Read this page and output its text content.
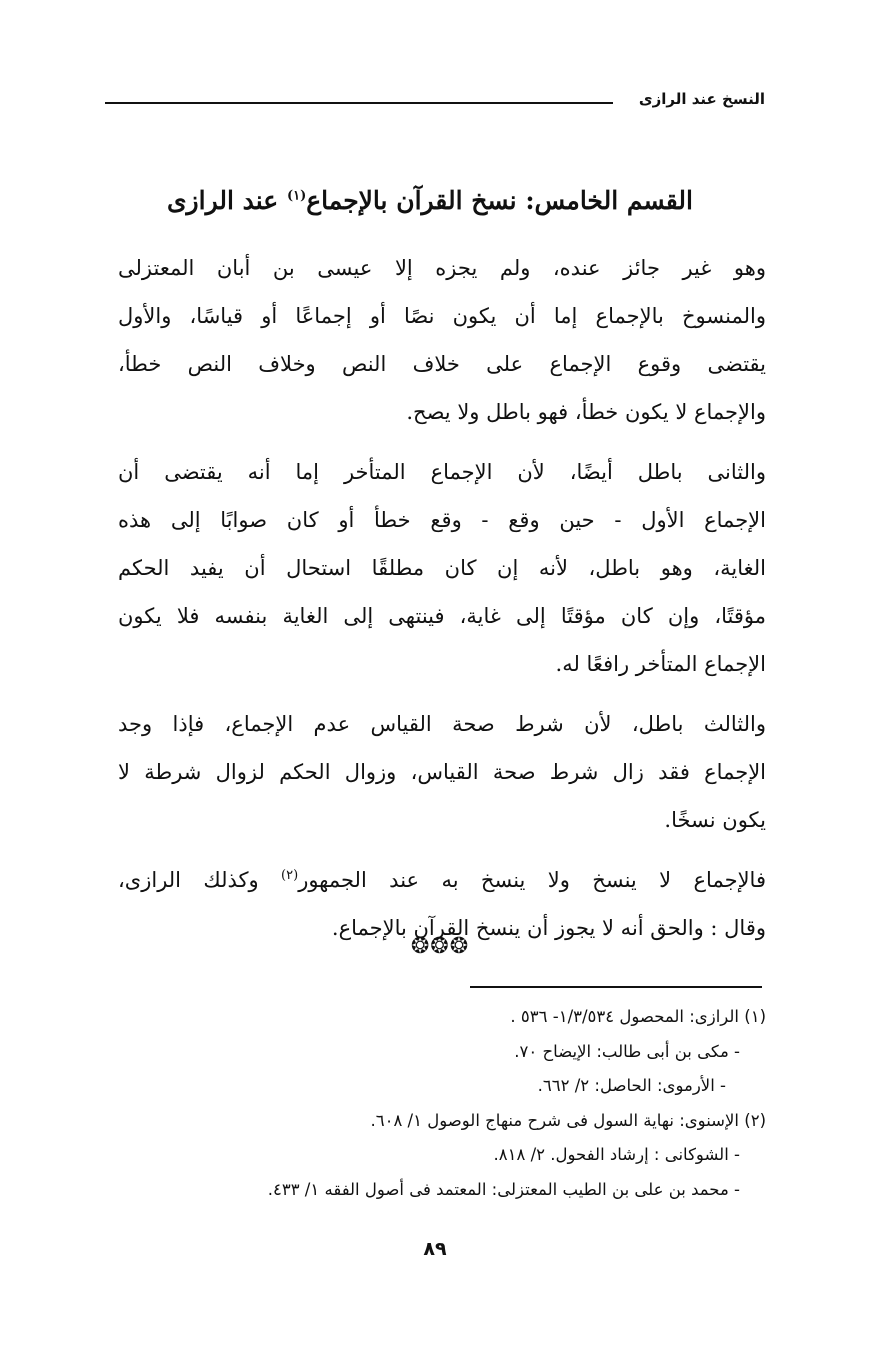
النسخ عند الرازى
القسم الخامس: نسخ القرآن بالإجماع$^{(١)}$ عند الرازى
وهو غير جائز عنده، ولم يجزه إلا عيسى بن أبان المعتزلى
والمنسوخ بالإجماع إما أن يكون نصًا أو إجماعًا أو قياسًا، والأول
يقتضى وقوع الإجماع على خلاف النص وخلاف النص خطأ،
والإجماع لا يكون خطأ، فهو باطل ولا يصح.
والثانى باطل أيضًا، لأن الإجماع المتأخر إما أنه يقتضى أن
الإجماع الأول - حين وقع - وقع خطأ أو كان صوابًا إلى هذه
الغاية، وهو باطل، لأنه إن كان مطلقًا استحال أن يفيد الحكم
مؤقتًا، وإن كان مؤقتًا إلى غاية، فينتهى إلى الغاية بنفسه فلا يكون
الإجماع المتأخر رافعًا له.
والثالث باطل، لأن شرط صحة القياس عدم الإجماع، فإذا وجد
الإجماع فقد زال شرط صحة القياس، وزوال الحكم لزوال شرطة لا
يكون نسخًا.
فالإجماع لا ينسخ ولا ينسخ به عند الجمهور$^{(٢)}$ وكذلك الرازى،
وقال : والحق أنه لا يجوز أن ينسخ القرآن بالإجماع.
❂❂❂
(١) الرازى: المحصول ١/٣/٥٣٤- ٥٣٦ .
- مكى بن أبى طالب: الإيضاح ٧٠.
- الأرموى: الحاصل: ٢/ ٦٦٢.
(٢) الإسنوى: نهاية السول فى شرح منهاج الوصول ١/ ٦٠٨.
- الشوكانى : إرشاد الفحول. ٢/ ٨١٨.
- محمد بن على بن الطيب المعتزلى: المعتمد فى أصول الفقه ١/ ٤٣٣.
٨٩
